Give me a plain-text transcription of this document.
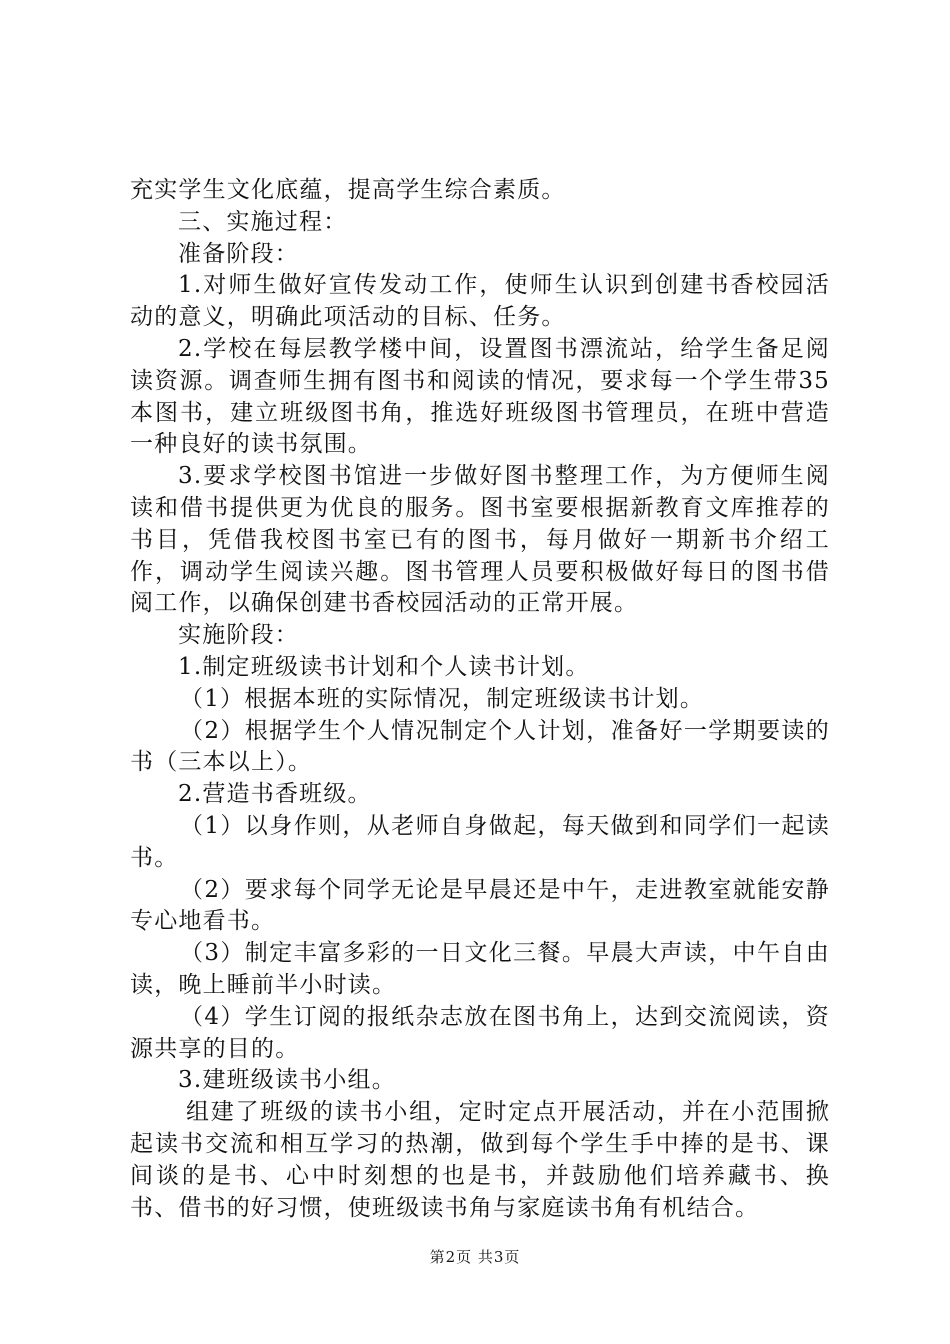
充实学生文化底蕴，提高学生综合素质。

三、实施过程：

准备阶段：

1.对师生做好宣传发动工作，使师生认识到创建书香校园活动的意义，明确此项活动的目标、任务。

2.学校在每层教学楼中间，设置图书漂流站，给学生备足阅读资源。调查师生拥有图书和阅读的情况，要求每一个学生带35本图书，建立班级图书角，推选好班级图书管理员，在班中营造一种良好的读书氛围。

3.要求学校图书馆进一步做好图书整理工作，为方便师生阅读和借书提供更为优良的服务。图书室要根据新教育文库推荐的书目，凭借我校图书室已有的图书，每月做好一期新书介绍工作，调动学生阅读兴趣。图书管理人员要积极做好每日的图书借阅工作，以确保创建书香校园活动的正常开展。

实施阶段：

1.制定班级读书计划和个人读书计划。

（1）根据本班的实际情况，制定班级读书计划。

（2）根据学生个人情况制定个人计划，准备好一学期要读的书（三本以上）。

2.营造书香班级。

（1）以身作则，从老师自身做起，每天做到和同学们一起读书。

（2）要求每个同学无论是早晨还是中午，走进教室就能安静专心地看书。

（3）制定丰富多彩的一日文化三餐。早晨大声读，中午自由读，晚上睡前半小时读。

（4）学生订阅的报纸杂志放在图书角上，达到交流阅读，资源共享的目的。

3.建班级读书小组。

组建了班级的读书小组，定时定点开展活动，并在小范围掀起读书交流和相互学习的热潮，做到每个学生手中捧的是书、课间谈的是书、心中时刻想的也是书，并鼓励他们培养藏书、换书、借书的好习惯，使班级读书角与家庭读书角有机结合。

第2页 共3页
